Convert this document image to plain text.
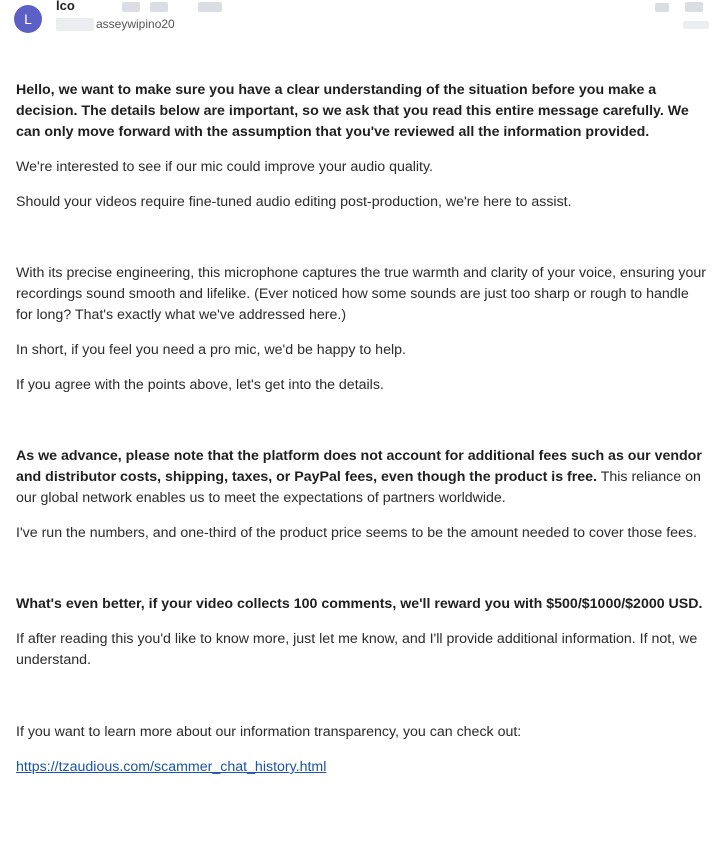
L
lco
asseywipino20

Hello, we want to make sure you have a clear understanding of the situation before you make a decision. The details below are important, so we ask that you read this entire message carefully. We can only move forward with the assumption that you've reviewed all the information provided.

We're interested to see if our mic could improve your audio quality.

Should your videos require fine-tuned audio editing post-production, we're here to assist.

With its precise engineering, this microphone captures the true warmth and clarity of your voice, ensuring your recordings sound smooth and lifelike. (Ever noticed how some sounds are just too sharp or rough to handle for long? That's exactly what we've addressed here.)

In short, if you feel you need a pro mic, we'd be happy to help.

If you agree with the points above, let's get into the details.

As we advance, please note that the platform does not account for additional fees such as our vendor and distributor costs, shipping, taxes, or PayPal fees, even though the product is free. This reliance on our global network enables us to meet the expectations of partners worldwide.

I've run the numbers, and one-third of the product price seems to be the amount needed to cover those fees.

What's even better, if your video collects 100 comments, we'll reward you with $500/$1000/$2000 USD.

If after reading this you'd like to know more, just let me know, and I'll provide additional information. If not, we understand.

If you want to learn more about our information transparency, you can check out:

https://tzaudious.com/scammer_chat_history.html
